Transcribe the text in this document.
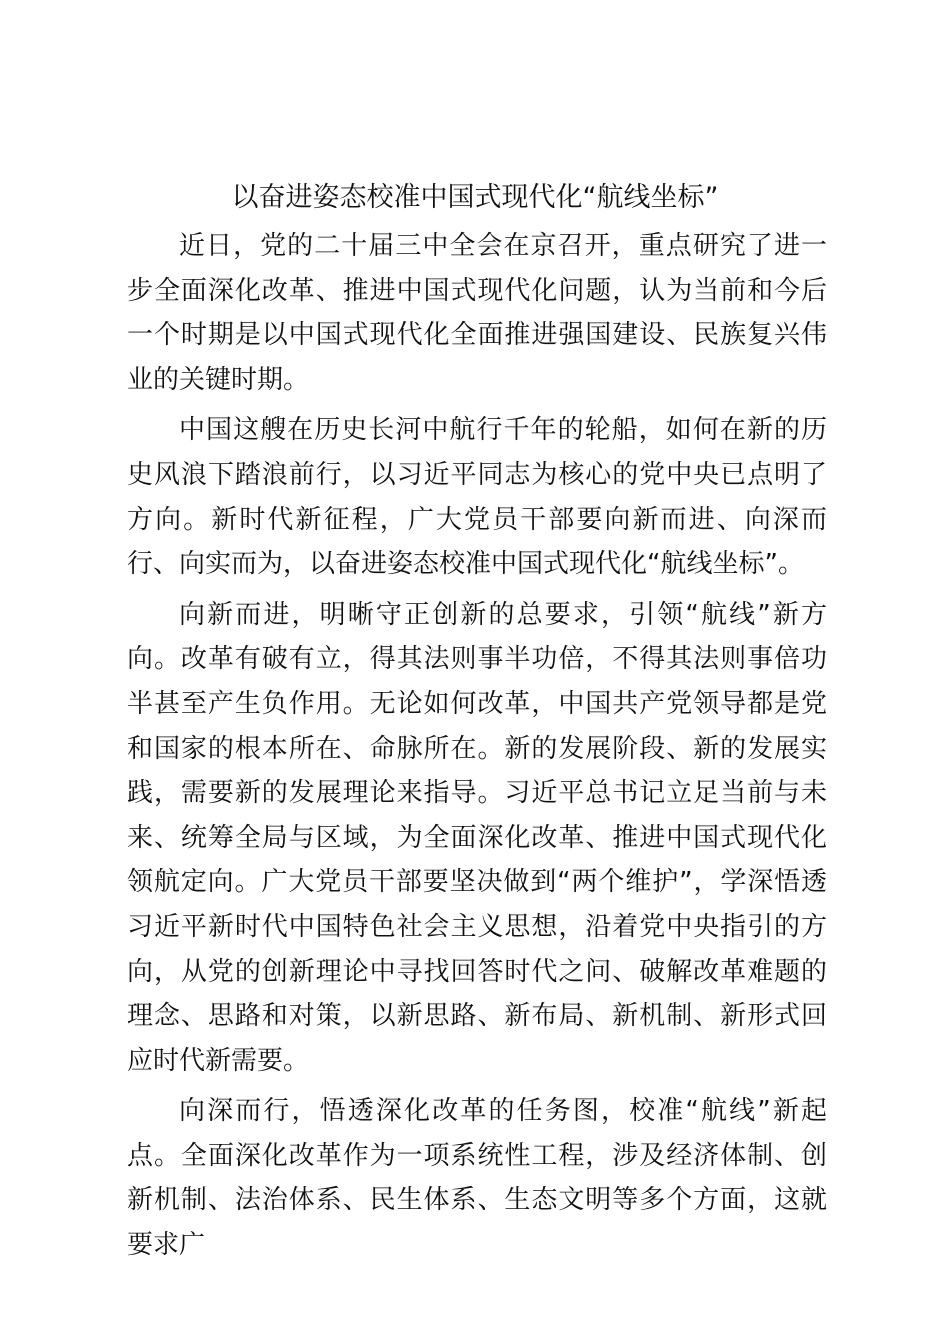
以奋进姿态校准中国式现代化“航线坐标”

近日，党的二十届三中全会在京召开，重点研究了进一步全面深化改革、推进中国式现代化问题，认为当前和今后一个时期是以中国式现代化全面推进强国建设、民族复兴伟业的关键时期。

中国这艘在历史长河中航行千年的轮船，如何在新的历史风浪下踏浪前行，以习近平同志为核心的党中央已点明了方向。新时代新征程，广大党员干部要向新而进、向深而行、向实而为，以奋进姿态校准中国式现代化“航线坐标”。

向新而进，明晰守正创新的总要求，引领“航线”新方向。改革有破有立，得其法则事半功倍，不得其法则事倍功半甚至产生负作用。无论如何改革，中国共产党领导都是党和国家的根本所在、命脉所在。新的发展阶段、新的发展实践，需要新的发展理论来指导。习近平总书记立足当前与未来、统筹全局与区域，为全面深化改革、推进中国式现代化领航定向。广大党员干部要坚决做到“两个维护”，学深悟透习近平新时代中国特色社会主义思想，沿着党中央指引的方向，从党的创新理论中寻找回答时代之问、破解改革难题的理念、思路和对策，以新思路、新布局、新机制、新形式回应时代新需要。

向深而行，悟透深化改革的任务图，校准“航线”新起点。全面深化改革作为一项系统性工程，涉及经济体制、创新机制、法治体系、民生体系、生态文明等多个方面，这就要求广
